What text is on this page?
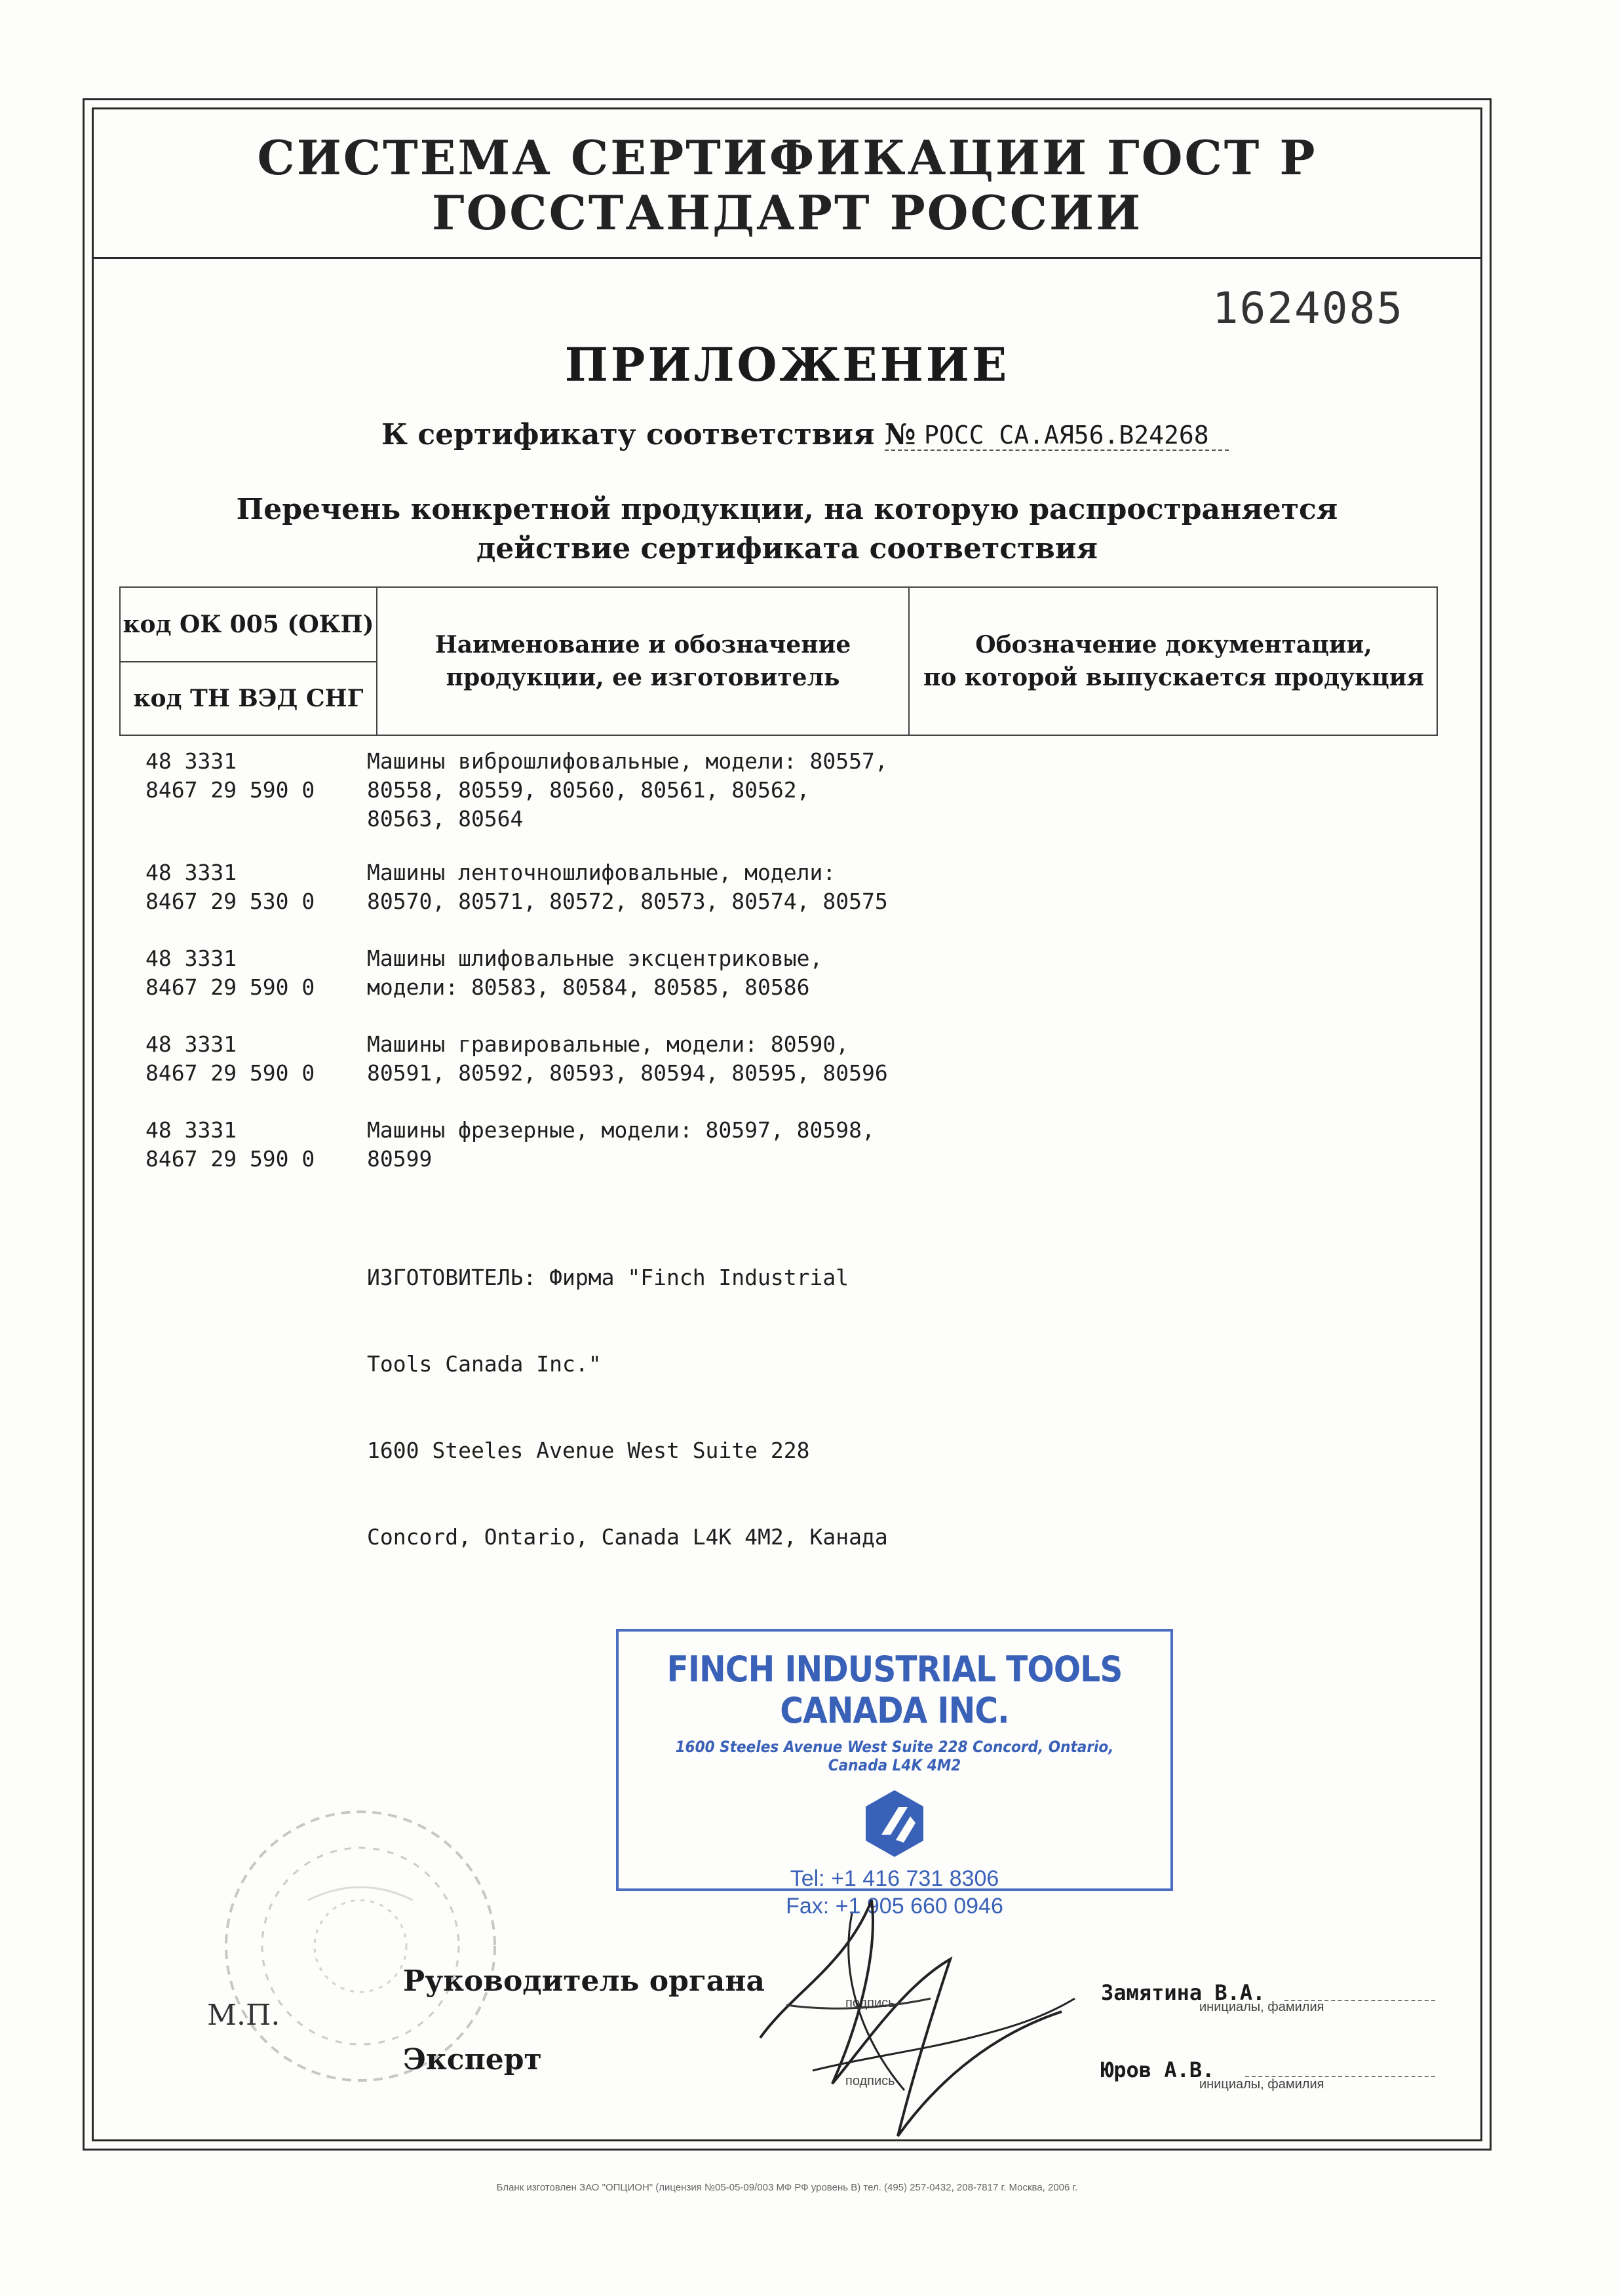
СИСТЕМА СЕРТИФИКАЦИИ ГОСТ Р
ГОССТАНДАРТ РОССИИ
1624085
ПРИЛОЖЕНИЕ
К сертификату соответствия № РОСС СА.АЯ56.В24268
Перечень конкретной продукции, на которую распространяется
действие сертификата соответствия
код ОК 005 (ОКП)
код ТН ВЭД СНГ
Наименование и обозначение
продукции, ее изготовитель
Обозначение документации,
по которой выпускается продукция

48 3331
8467 29 590 0

Машины виброшлифовальные, модели: 80557,
80558, 80559, 80560, 80561, 80562,
80563, 80564

48 3331
8467 29 530 0

Машины ленточношлифовальные, модели:
80570, 80571, 80572, 80573, 80574, 80575

48 3331
8467 29 590 0

Машины шлифовальные эксцентриковые,
модели: 80583, 80584, 80585, 80586

48 3331
8467 29 590 0

Машины гравировальные, модели: 80590,
80591, 80592, 80593, 80594, 80595, 80596

48 3331
8467 29 590 0

Машины фрезерные, модели: 80597, 80598,
80599

ИЗГОТОВИТЕЛЬ: Фирма "Finch Industrial

Tools Canada Inc."

1600 Steeles Avenue West Suite 228

Concord, Ontario, Canada L4K 4M2, Канада

FINCH INDUSTRIAL TOOLS CANADA INC.
1600 Steeles Avenue West Suite 228 Concord, Ontario, Canada L4K 4M2
Tel: +1 416 731 8306
Fax: +1 905 660 0946
М.П.
Руководитель органа
подпись	Замятина В.А.
инициалы, фамилия
Эксперт
подпись	Юров А.В.
инициалы, фамилия
Бланк изготовлен ЗАО "ОПЦИОН" (лицензия №05-05-09/003 МФ РФ уровень В) тел. (495) 257-0432, 208-7817 г. Москва, 2006 г.
